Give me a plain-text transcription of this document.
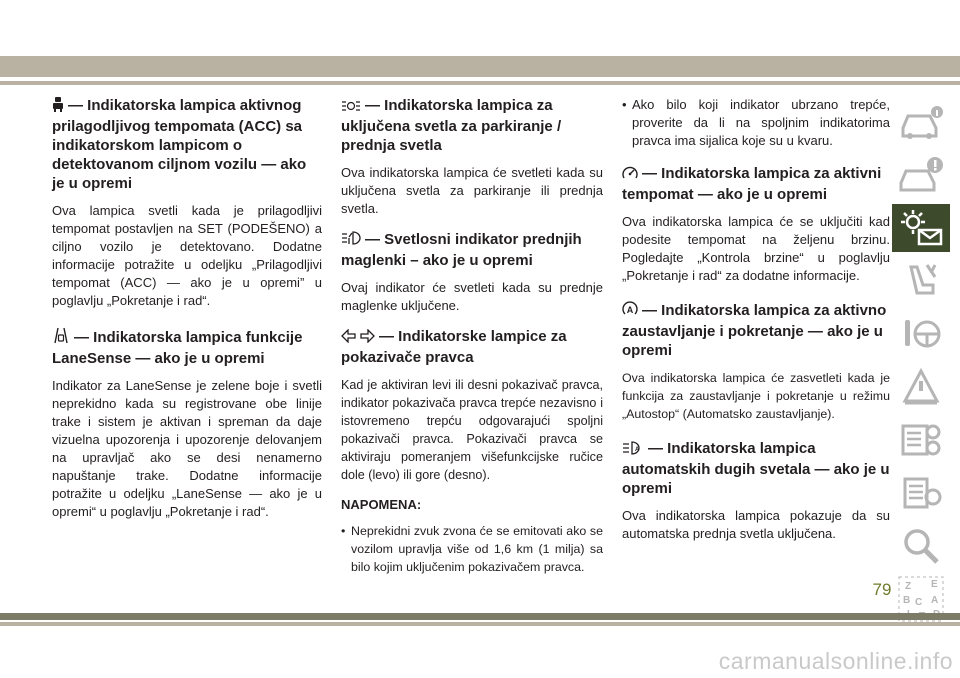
— Indikatorska lampica aktivnog prilagodljivog tempomata (ACC) sa indikatorskom lampicom o detektovanom ciljnom vozilu — ako je u opremi

Ova lampica svetli kada je prilagodljivi tempomat postavljen na SET (PODEŠENO) a ciljno vozilo je detektovano. Dodatne informacije potražite u odeljku „Prilagodljivi tempomat (ACC) — ako je u opremi” u poglavlju „Pokretanje i rad“.

— Indikatorska lampica funkcije LaneSense — ako je u opremi

Indikator za LaneSense je zelene boje i svetli neprekidno kada su registrovane obe linije trake i sistem je aktivan i spreman da daje vizuelna upozorenja i upozorenje delovanjem na upravljač ako se desi nenamerno napuštanje trake. Dodatne informacije potražite u odeljku „LaneSense — ako je u opremi“ u poglavlju „Pokretanje i rad“.

— Indikatorska lampica za uključena svetla za parkiranje / prednja svetla

Ova indikatorska lampica će svetleti kada su uključena svetla za parkiranje ili prednja svetla.

— Svetlosni indikator prednjih maglenki – ako je u opremi

Ovaj indikator će svetleti kada su prednje maglenke uključene.

— Indikatorske lampice za pokazivače pravca

Kad je aktiviran levi ili desni pokazivač pravca, indikator pokazivača pravca trepće nezavisno i istovremeno trepću odgovarajući spoljni pokazivači pravca. Pokazivači pravca se aktiviraju pomeranjem višefunkcijske ručice dole (levo) ili gore (desno).

NAPOMENA:
• Neprekidni zvuk zvona će se emitovati ako se vozilom upravlja više od 1,6 km (1 milja) sa bilo kojim uključenim pokazivačem pravca.
• Ako bilo koji indikator ubrzano trepće, proverite da li na spoljnim indikatorima pravca ima sijalica koje su u kvaru.
— Indikatorska lampica za aktivni tempomat — ako je u opremi

Ova indikatorska lampica će se uključiti kad podesite tempomat na željenu brzinu. Pogledajte „Kontrola brzine“ u poglavlju „Pokretanje i rad“ za dodatne informacije.

A — Indikatorska lampica za aktivno zaustavljanje i pokretanje — ako je u opremi

Ova indikatorska lampica će zasvetleti kada je funkcija za zaustavljanje i pokretanje u režimu „Autostop“ (Automatsko zaustavljanje).

A — Indikatorska lampica automatskih dugih svetala — ako je u opremi

Ova indikatorska lampica pokazuje da su automatska prednja svetla uključena.

Z E
B C A
79
carmanualsonline.info
